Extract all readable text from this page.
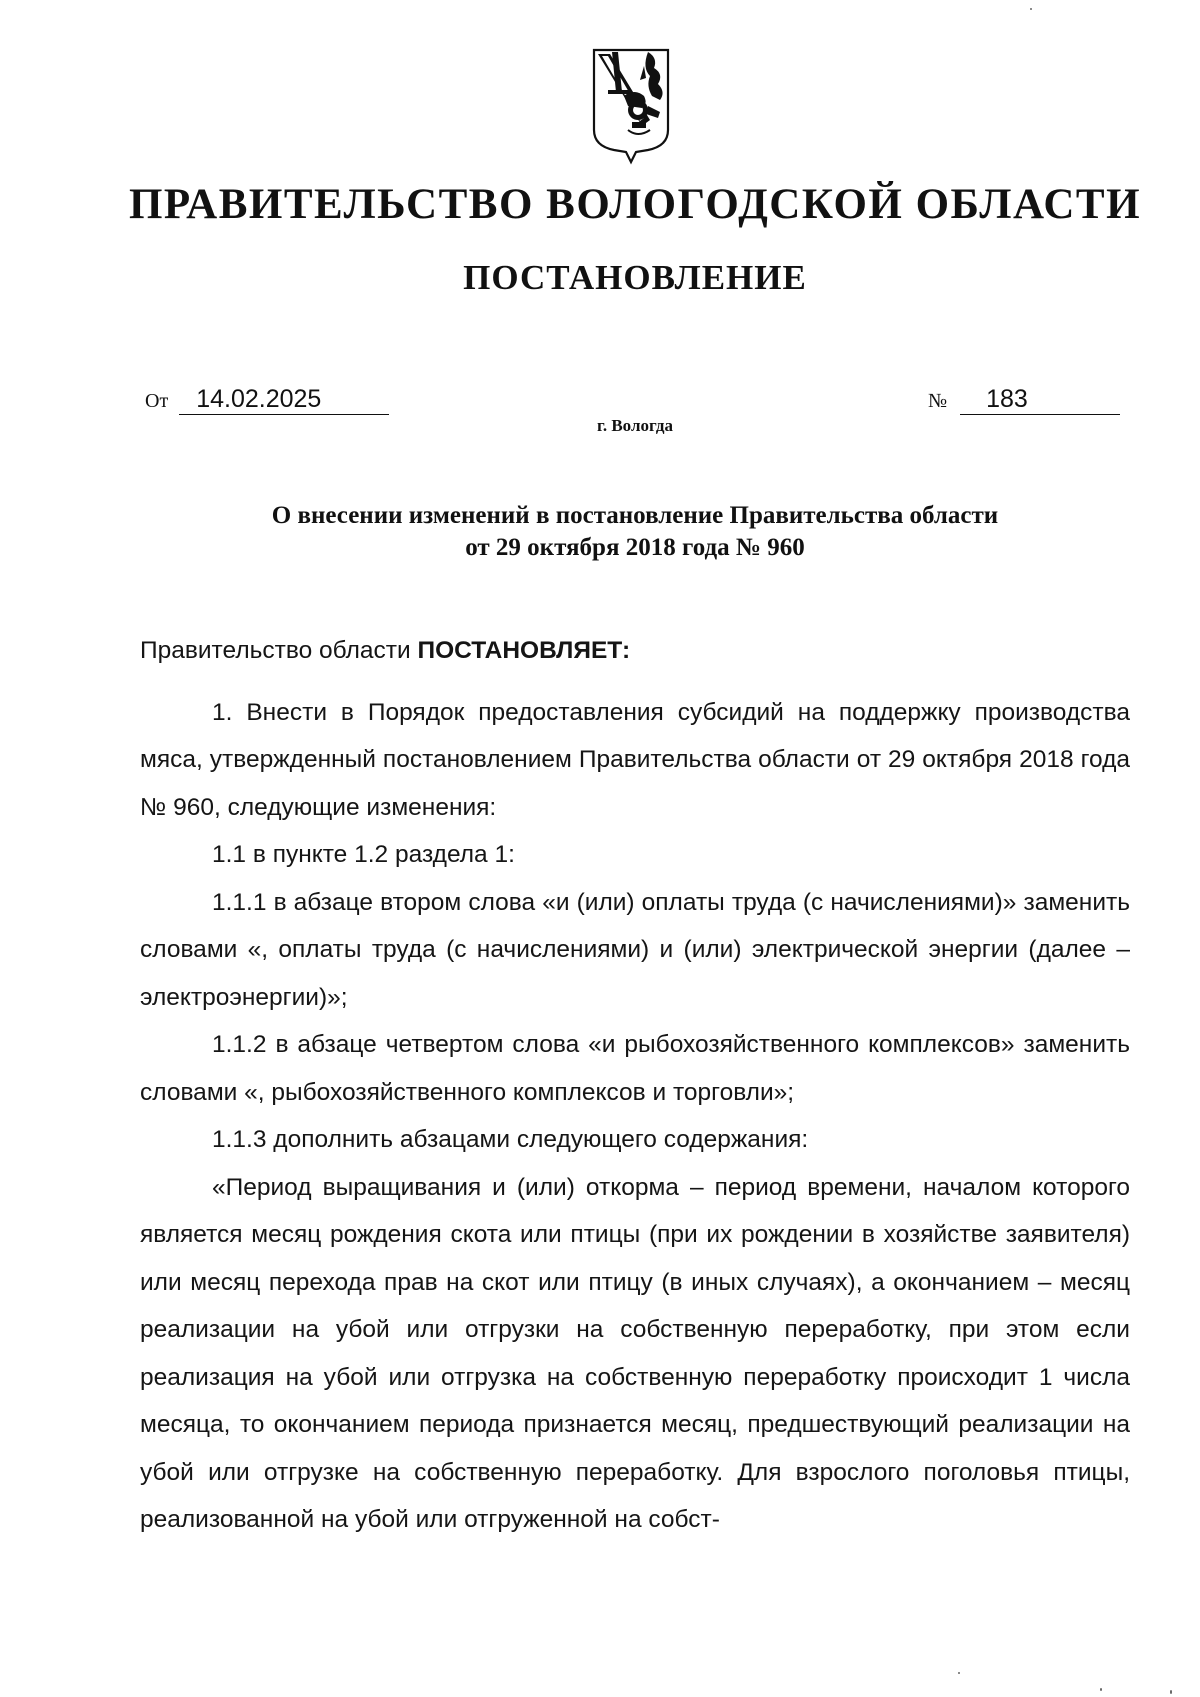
ПРАВИТЕЛЬСТВО ВОЛОГОДСКОЙ ОБЛАСТИ
ПОСТАНОВЛЕНИЕ
От 14.02.2025	№ 183
г. Вологда
О внесении изменений в постановление Правительства области
от 29 октября 2018 года № 960

Правительство области ПОСТАНОВЛЯЕТ:

1. Внести в Порядок предоставления субсидий на поддержку производства мяса, утвержденный постановлением Правительства области от 29 октября 2018 года № 960, следующие изменения:

1.1 в пункте 1.2 раздела 1:

1.1.1 в абзаце втором слова «и (или) оплаты труда (с начислениями)» заменить словами «, оплаты труда (с начислениями) и (или) электрической энергии (далее – электроэнергии)»;

1.1.2 в абзаце четвертом слова «и рыбохозяйственного комплексов» заменить словами «, рыбохозяйственного комплексов и торговли»;

1.1.3 дополнить абзацами следующего содержания:

«Период выращивания и (или) откорма – период времени, началом которого является месяц рождения скота или птицы (при их рождении в хозяйстве заявителя) или месяц перехода прав на скот или птицу (в иных случаях), а окончанием – месяц реализации на убой или отгрузки на собственную переработку, при этом если реализация на убой или отгрузка на собственную переработку происходит 1 числа месяца, то окончанием периода признается месяц, предшествующий реализации на убой или отгрузке на собственную переработку. Для взрослого поголовья птицы, реализованной на убой или отгруженной на собст-
